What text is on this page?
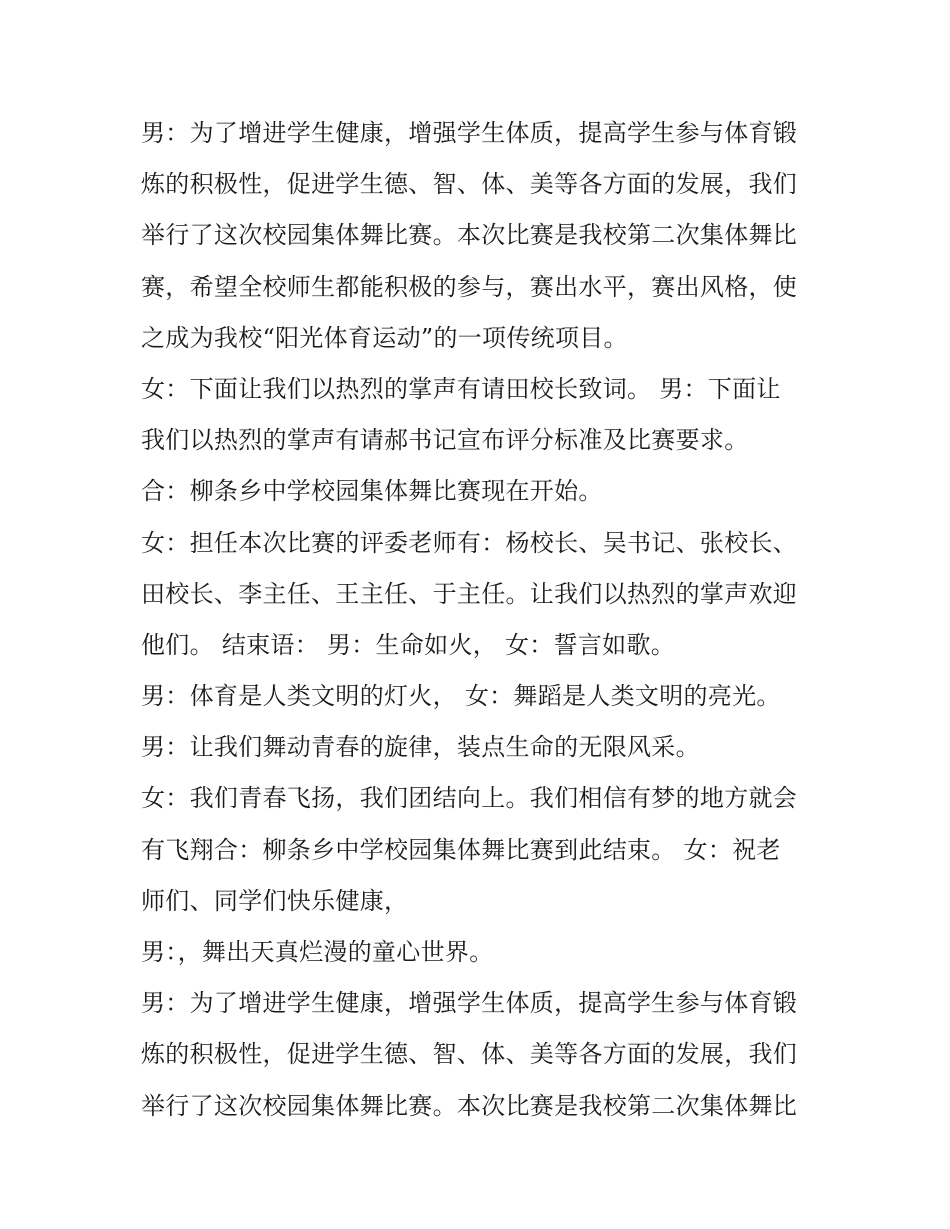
男：为了增进学生健康，增强学生体质，提高学生参与体育锻
炼的积极性，促进学生德、智、体、美等各方面的发展，我们
举行了这次校园集体舞比赛。本次比赛是我校第二次集体舞比
赛，希望全校师生都能积极的参与，赛出水平，赛出风格，使
之成为我校“阳光体育运动”的一项传统项目。
女：下面让我们以热烈的掌声有请田校长致词。 男：下面让
我们以热烈的掌声有请郝书记宣布评分标准及比赛要求。
合：柳条乡中学校园集体舞比赛现在开始。
女：担任本次比赛的评委老师有：杨校长、吴书记、张校长、
田校长、李主任、王主任、于主任。让我们以热烈的掌声欢迎
他们。 结束语： 男：生命如火， 女：誓言如歌。
男：体育是人类文明的灯火， 女：舞蹈是人类文明的亮光。
男：让我们舞动青春的旋律，装点生命的无限风采。
女：我们青春飞扬，我们团结向上。我们相信有梦的地方就会
有飞翔合：柳条乡中学校园集体舞比赛到此结束。 女：祝老
师们、同学们快乐健康，
男：，舞出天真烂漫的童心世界。
男：为了增进学生健康，增强学生体质，提高学生参与体育锻
炼的积极性，促进学生德、智、体、美等各方面的发展，我们
举行了这次校园集体舞比赛。本次比赛是我校第二次集体舞比
